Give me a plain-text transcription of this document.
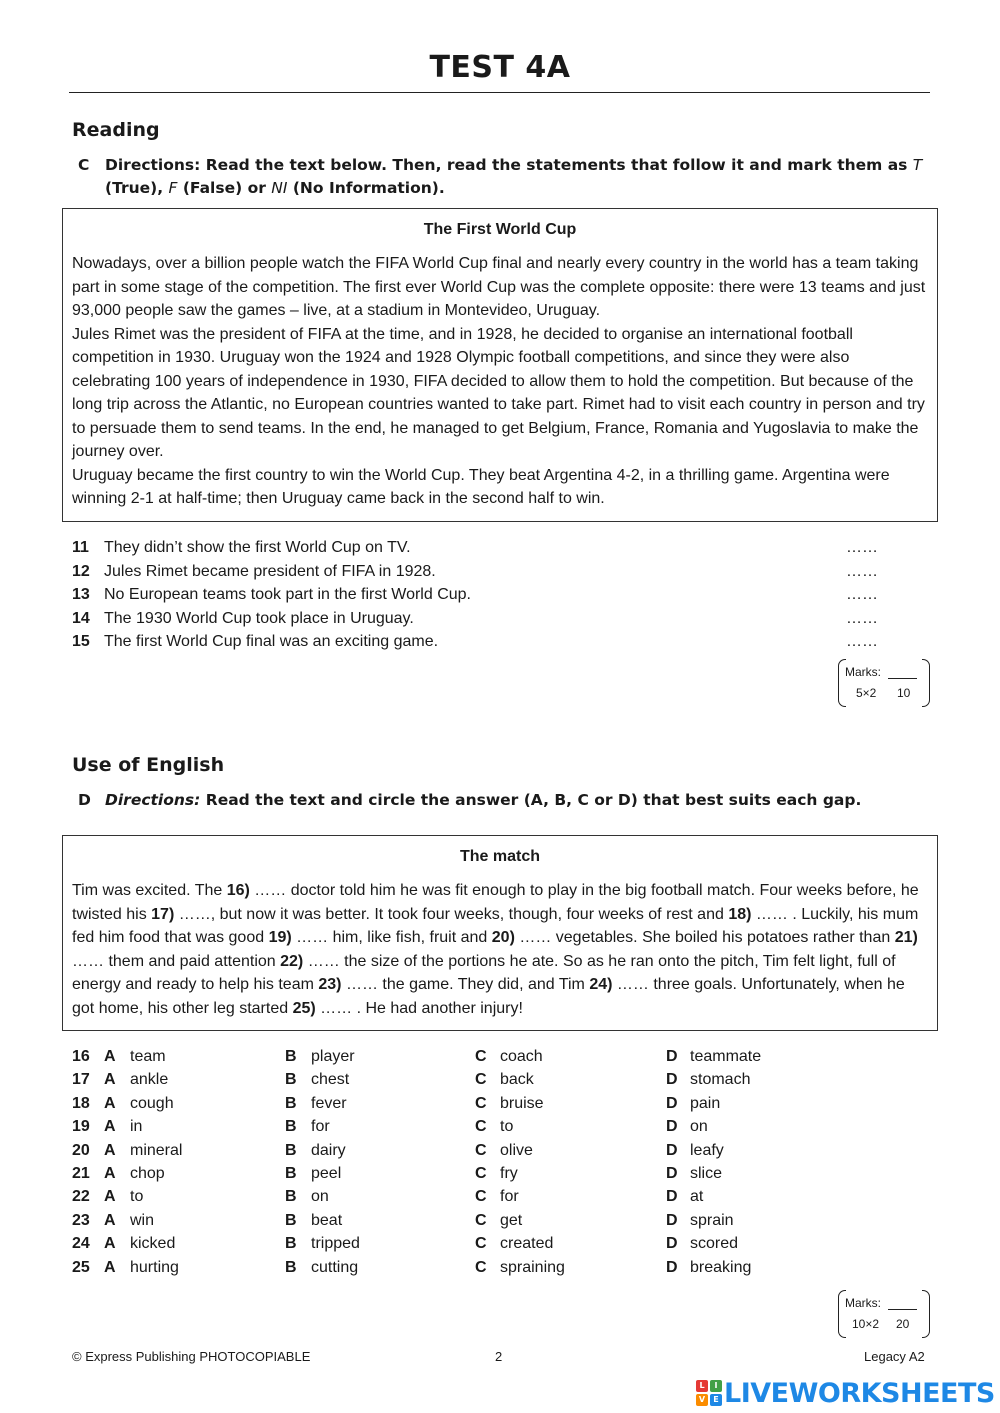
TEST 4A
Reading
C Directions: Read the text below. Then, read the statements that follow it and mark them as T (True), F (False) or NI (No Information).
The First World Cup

Nowadays, over a billion people watch the FIFA World Cup final and nearly every country in the world has a team taking part in some stage of the competition. The first ever World Cup was the complete opposite: there were 13 teams and just 93,000 people saw the games – live, at a stadium in Montevideo, Uruguay.

Jules Rimet was the president of FIFA at the time, and in 1928, he decided to organise an international football competition in 1930. Uruguay won the 1924 and 1928 Olympic football competitions, and since they were also celebrating 100 years of independence in 1930, FIFA decided to allow them to hold the competition. But because of the long trip across the Atlantic, no European countries wanted to take part. Rimet had to visit each country in person and try to persuade them to send teams. In the end, he managed to get Belgium, France, Romania and Yugoslavia to make the journey over.

Uruguay became the first country to win the World Cup. They beat Argentina 4-2, in a thrilling game. Argentina were winning 2-1 at half-time; then Uruguay came back in the second half to win.

11 They didn’t show the first World Cup on TV.	……
12 Jules Rimet became president of FIFA in 1928.	……
13 No European teams took part in the first World Cup.	……
14 The 1930 World Cup took place in Uruguay.	……
15 The first World Cup final was an exciting game.	……
Marks:
5×2 10
Use of English
D Directions: Read the text and circle the answer (A, B, C or D) that best suits each gap.
The match

Tim was excited. The 16) …… doctor told him he was fit enough to play in the big football match. Four weeks before, he twisted his 17) ……, but now it was better. It took four weeks, though, four weeks of rest and 18) …… . Luckily, his mum fed him food that was good 19) …… him, like fish, fruit and 20) …… vegetables. She boiled his potatoes rather than 21) …… them and paid attention 22) …… the size of the portions he ate. So as he ran onto the pitch, Tim felt light, full of energy and ready to help his team 23) …… the game. They did, and Tim 24) …… three goals. Unfortunately, when he got home, his other leg started 25) …… . He had another injury!

16 A team	B player	C coach	D teammate
17 A ankle	B chest	C back	D stomach
18 A cough	B fever	C bruise	D pain
19 A in	B for	C to	D on
20 A mineral	B dairy	C olive	D leafy
21 A chop	B peel	C fry	D slice
22 A to	B on	C for	D at
23 A win	B beat	C get	D sprain
24 A kicked	B tripped	C created	D scored
25 A hurting	B cutting	C spraining	D breaking
Marks:
10×2 20
© Express Publishing PHOTOCOPIABLE	2	Legacy A2
L	I
V	E LIVEWORKSHEETS
